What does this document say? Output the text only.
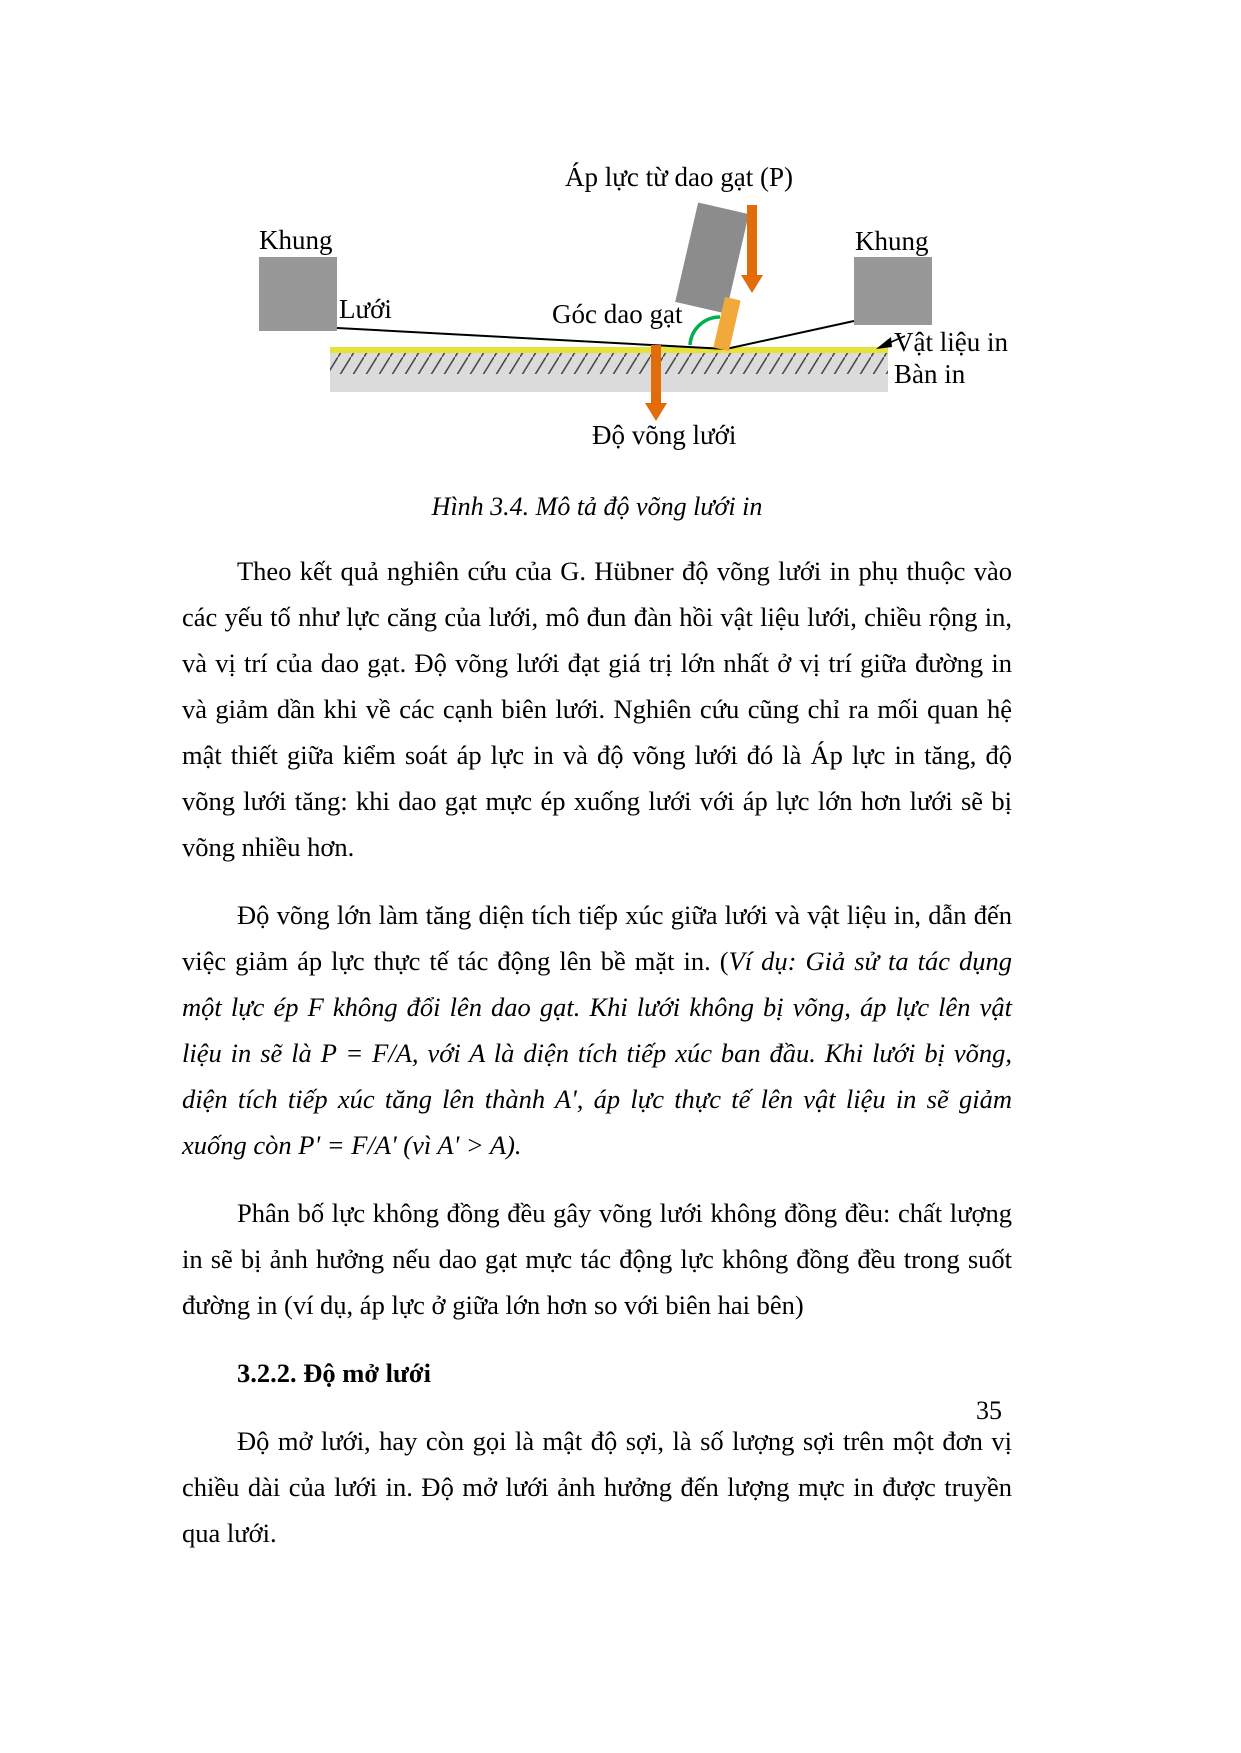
Áp lực từ dao gạt (P)
Khung	Khung
Lưới	Góc dao gạt
Vật liệu in
Bàn in
Độ võng lưới
Hình 3.4. Mô tả độ võng lưới in

Theo kết quả nghiên cứu của G. Hübner độ võng lưới in phụ thuộc vào các yếu tố như lực căng của lưới, mô đun đàn hồi vật liệu lưới, chiều rộng in, và vị trí của dao gạt. Độ võng lưới đạt giá trị lớn nhất ở vị trí giữa đường in và giảm dần khi về các cạnh biên lưới. Nghiên cứu cũng chỉ ra mối quan hệ mật thiết giữa kiểm soát áp lực in và độ võng lưới đó là Áp lực in tăng, độ võng lưới tăng: khi dao gạt mực ép xuống lưới với áp lực lớn hơn lưới sẽ bị võng nhiều hơn.

Độ võng lớn làm tăng diện tích tiếp xúc giữa lưới và vật liệu in, dẫn đến việc giảm áp lực thực tế tác động lên bề mặt in. (Ví dụ: Giả sử ta tác dụng một lực ép F không đổi lên dao gạt. Khi lưới không bị võng, áp lực lên vật liệu in sẽ là P = F/A, với A là diện tích tiếp xúc ban đầu. Khi lưới bị võng, diện tích tiếp xúc tăng lên thành A', áp lực thực tế lên vật liệu in sẽ giảm xuống còn P' = F/A' (vì A' > A).

Phân bố lực không đồng đều gây võng lưới không đồng đều: chất lượng in sẽ bị ảnh hưởng nếu dao gạt mực tác động lực không đồng đều trong suốt đường in (ví dụ, áp lực ở giữa lớn hơn so với biên hai bên)

3.2.2. Độ mở lưới

Độ mở lưới, hay còn gọi là mật độ sợi, là số lượng sợi trên một đơn vị chiều dài của lưới in. Độ mở lưới ảnh hưởng đến lượng mực in được truyền qua lưới.

35
